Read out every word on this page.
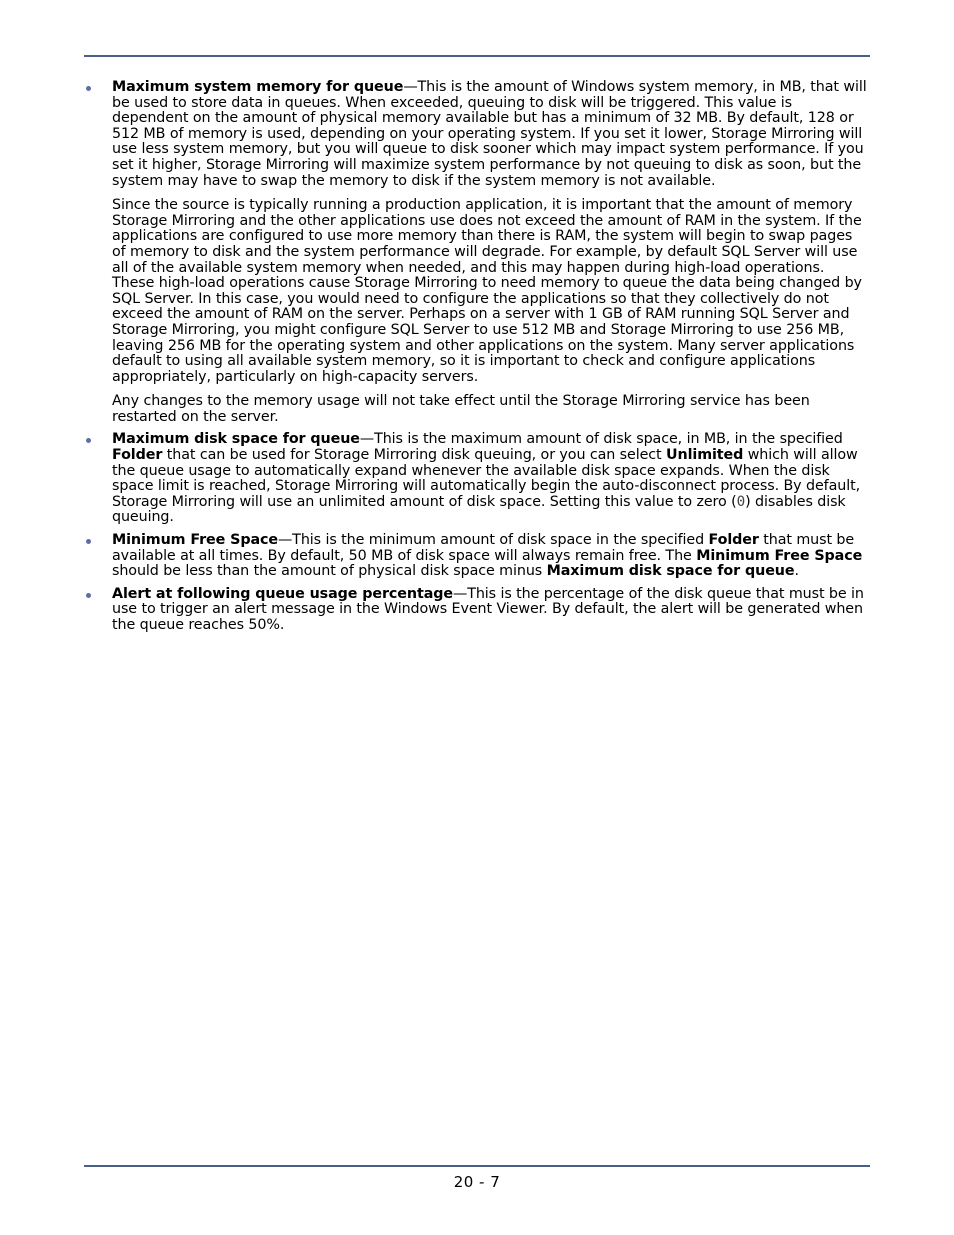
Maximum system memory for queue—This is the amount of Windows system memory, in MB, that will be used to store data in queues. When exceeded, queuing to disk will be triggered. This value is dependent on the amount of physical memory available but has a minimum of 32 MB. By default, 128 or 512 MB of memory is used, depending on your operating system. If you set it lower, Storage Mirroring will use less system memory, but you will queue to disk sooner which may impact system performance. If you set it higher, Storage Mirroring will maximize system performance by not queuing to disk as soon, but the system may have to swap the memory to disk if the system memory is not available.

Since the source is typically running a production application, it is important that the amount of memory Storage Mirroring and the other applications use does not exceed the amount of RAM in the system. If the applications are configured to use more memory than there is RAM, the system will begin to swap pages of memory to disk and the system performance will degrade. For example, by default SQL Server will use all of the available system memory when needed, and this may happen during high-load operations. These high-load operations cause Storage Mirroring to need memory to queue the data being changed by SQL Server. In this case, you would need to configure the applications so that they collectively do not exceed the amount of RAM on the server. Perhaps on a server with 1 GB of RAM running SQL Server and Storage Mirroring, you might configure SQL Server to use 512 MB and Storage Mirroring to use 256 MB, leaving 256 MB for the operating system and other applications on the system. Many server applications default to using all available system memory, so it is important to check and configure applications appropriately, particularly on high-capacity servers.

Any changes to the memory usage will not take effect until the Storage Mirroring service has been restarted on the server.

Maximum disk space for queue—This is the maximum amount of disk space, in MB, in the specified Folder that can be used for Storage Mirroring disk queuing, or you can select Unlimited which will allow the queue usage to automatically expand whenever the available disk space expands. When the disk space limit is reached, Storage Mirroring will automatically begin the auto-disconnect process. By default, Storage Mirroring will use an unlimited amount of disk space. Setting this value to zero (0) disables disk queuing.

Minimum Free Space—This is the minimum amount of disk space in the specified Folder that must be available at all times. By default, 50 MB of disk space will always remain free. The Minimum Free Space should be less than the amount of physical disk space minus Maximum disk space for queue.

Alert at following queue usage percentage—This is the percentage of the disk queue that must be in use to trigger an alert message in the Windows Event Viewer. By default, the alert will be generated when the queue reaches 50%.

20 - 7
